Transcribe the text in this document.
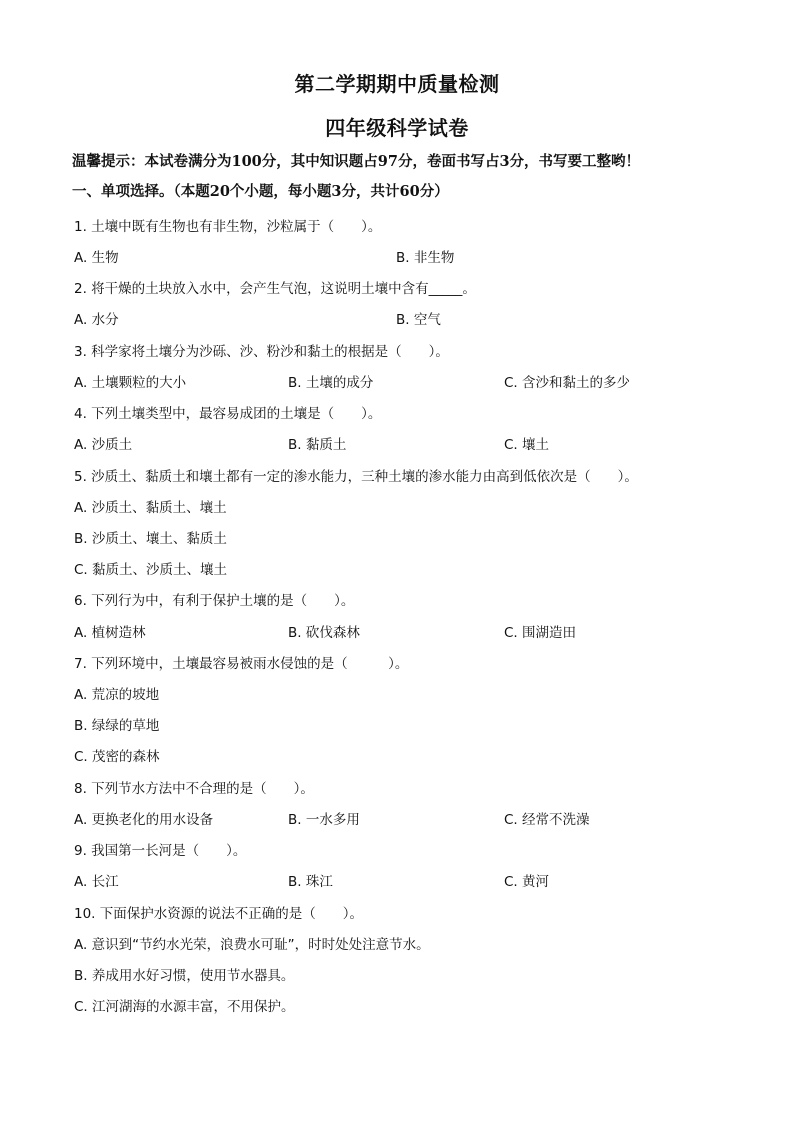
第二学期期中质量检测
四年级科学试卷
温馨提示：本试卷满分为100分，其中知识题占97分，卷面书写占3分，书写要工整哟！
一、单项选择。（本题20个小题，每小题3分，共计60分）
1. 土壤中既有生物也有非生物，沙粒属于（　　）。
A. 生物	B. 非生物
2. 将干燥的土块放入水中，会产生气泡，这说明土壤中含有_____。
A. 水分	B. 空气
3. 科学家将土壤分为沙砾、沙、粉沙和黏土的根据是（　　）。
A. 土壤颗粒的大小	B. 土壤的成分	C. 含沙和黏土的多少
4. 下列土壤类型中，最容易成团的土壤是（　　）。
A. 沙质土	B. 黏质土	C. 壤土
5. 沙质土、黏质土和壤土都有一定的渗水能力，三种土壤的渗水能力由高到低依次是（　　）。
A. 沙质土、黏质土、壤土
B. 沙质土、壤土、黏质土
C. 黏质土、沙质土、壤土
6. 下列行为中，有利于保护土壤的是（　　）。
A. 植树造林	B. 砍伐森林	C. 围湖造田
7. 下列环境中，土壤最容易被雨水侵蚀的是（　　　）。
A. 荒凉的坡地
B. 绿绿的草地
C. 茂密的森林
8. 下列节水方法中不合理的是（　　）。
A. 更换老化的用水设备	B. 一水多用	C. 经常不洗澡
9. 我国第一长河是（　　）。
A. 长江	B. 珠江	C. 黄河
10. 下面保护水资源的说法不正确的是（　　）。
A. 意识到“节约水光荣，浪费水可耻”，时时处处注意节水。
B. 养成用水好习惯，使用节水器具。
C. 江河湖海的水源丰富，不用保护。
